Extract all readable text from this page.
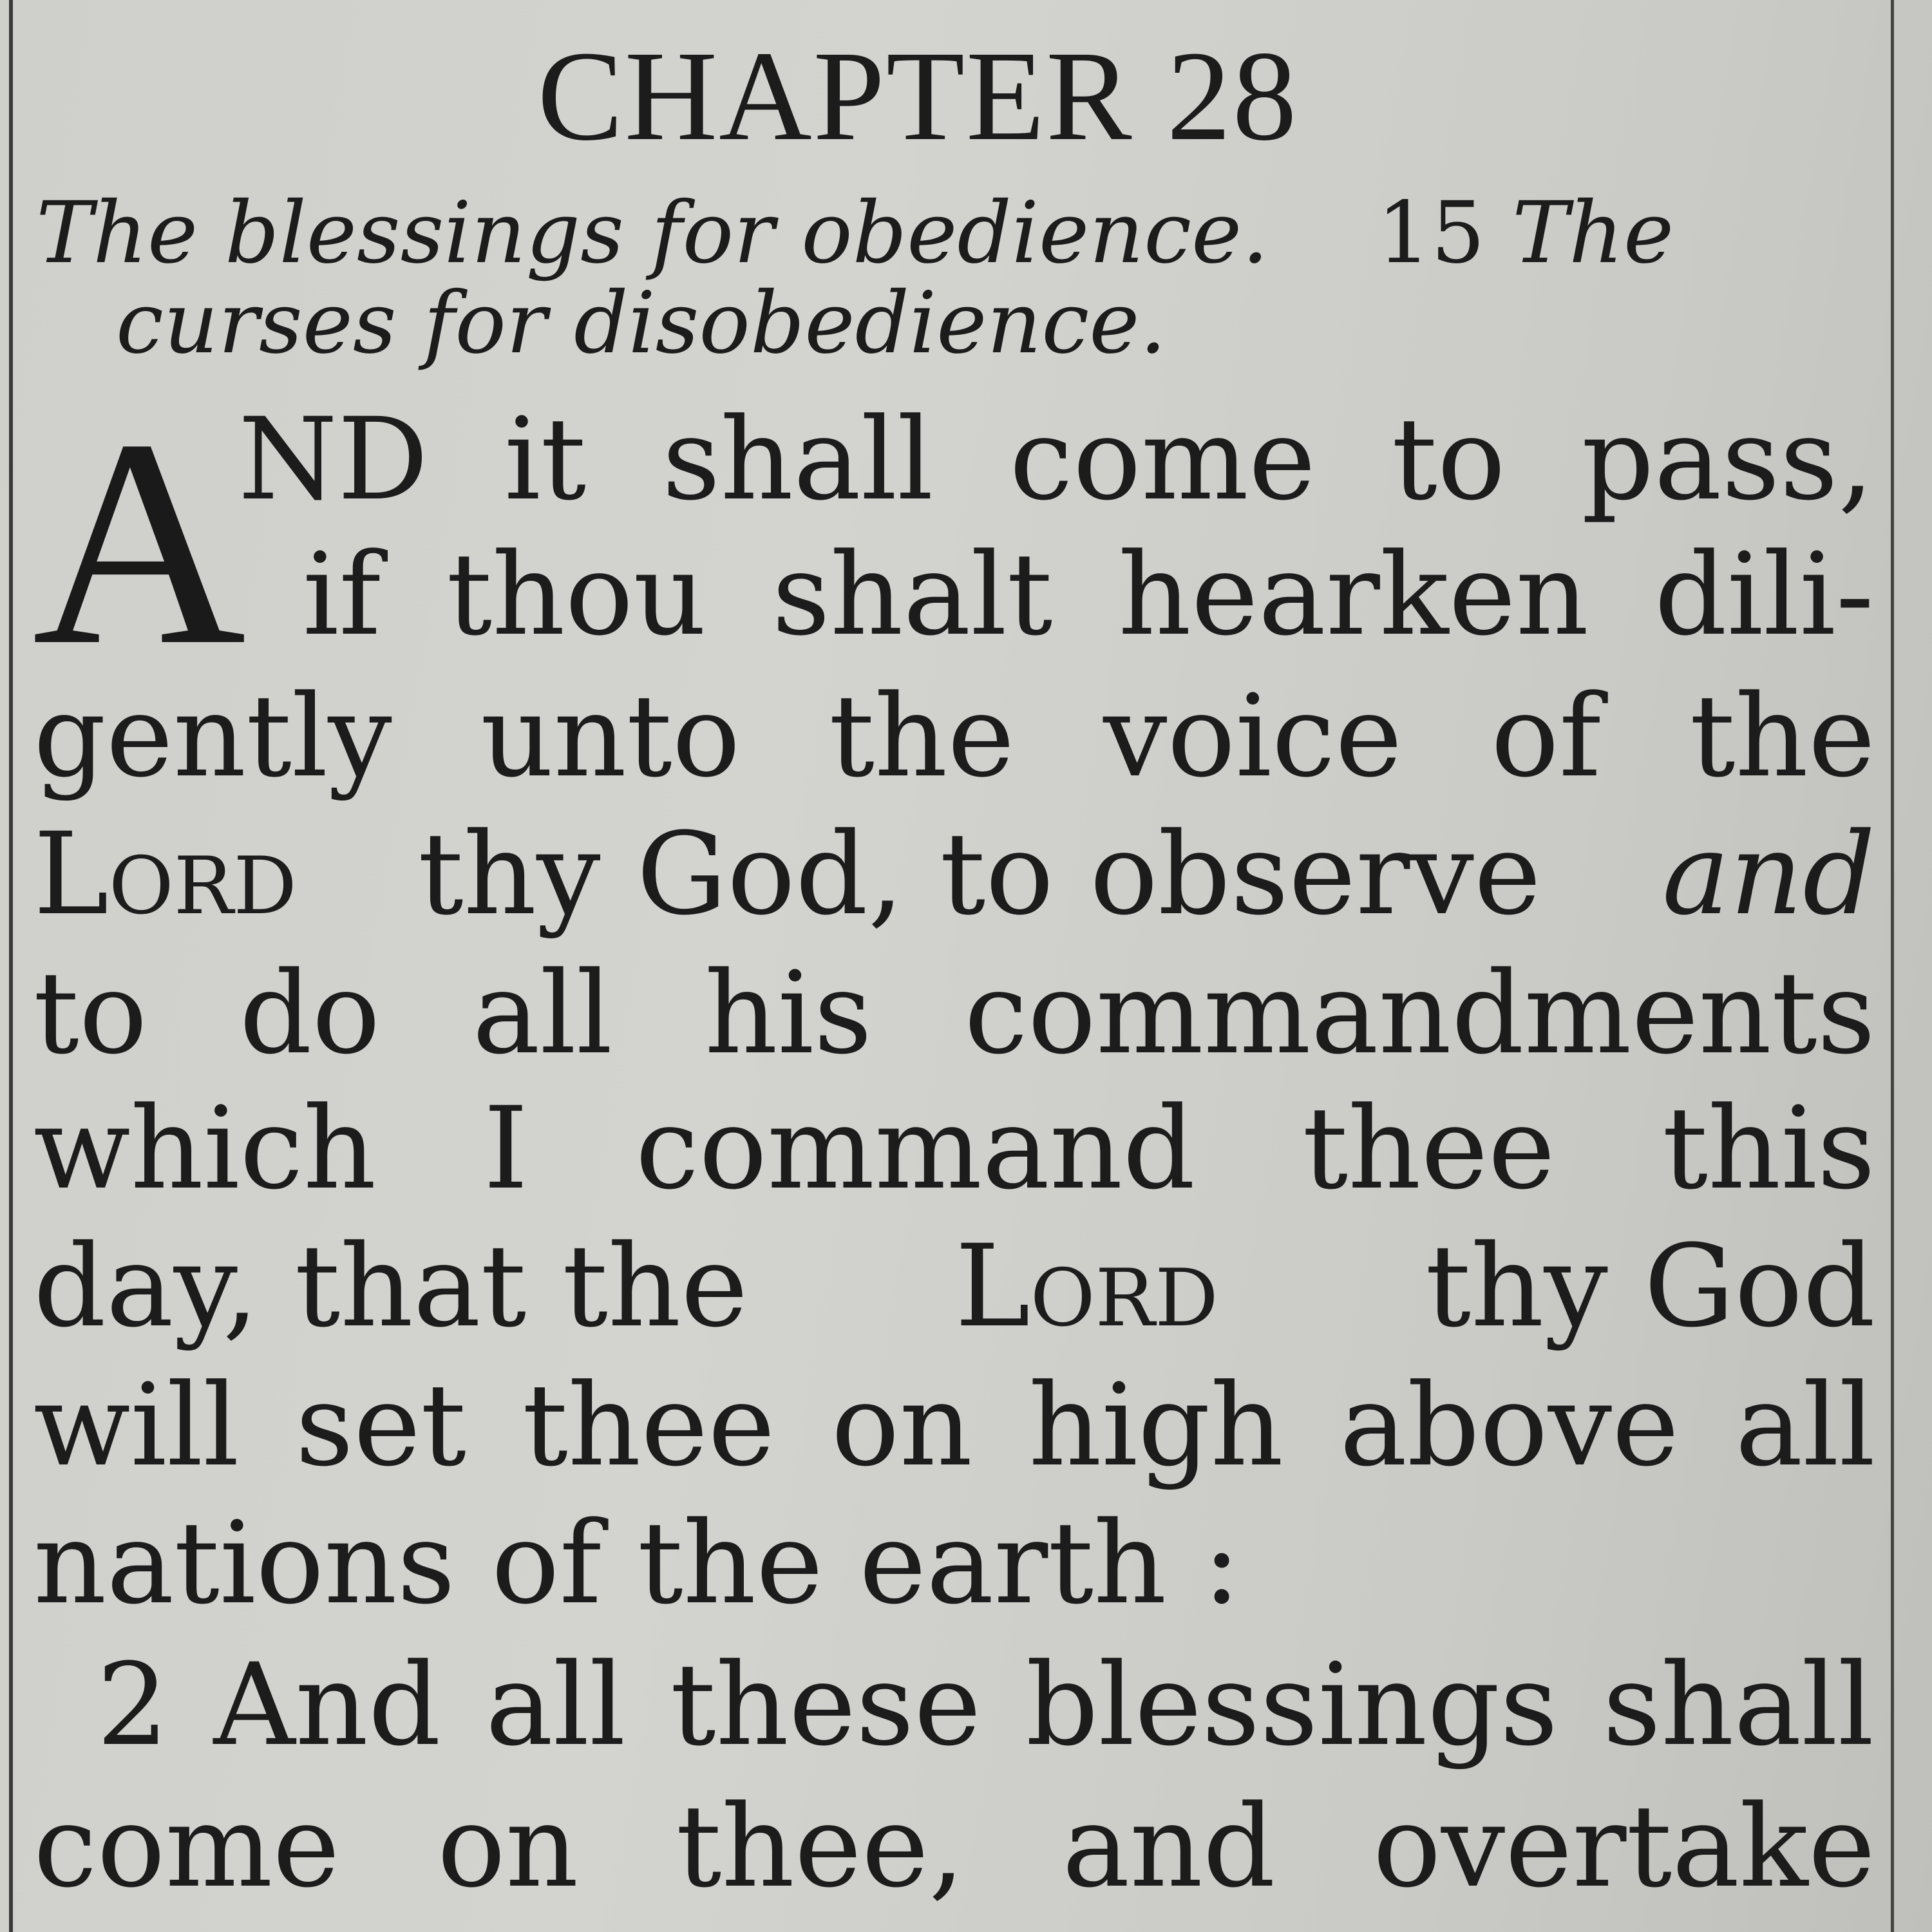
CHAPTER 28
The blessings for obedience. 15 The
curses for disobedience.
A
ND it shall come to pass,
if thou shalt hearken dili-
gently unto the voice of the
Lord thy God, to observe and
to do all his commandments
which I command thee this
day, that the Lord thy God
will set thee on high above all
nations of the earth :
2 And all these blessings shall
come on thee, and overtake
